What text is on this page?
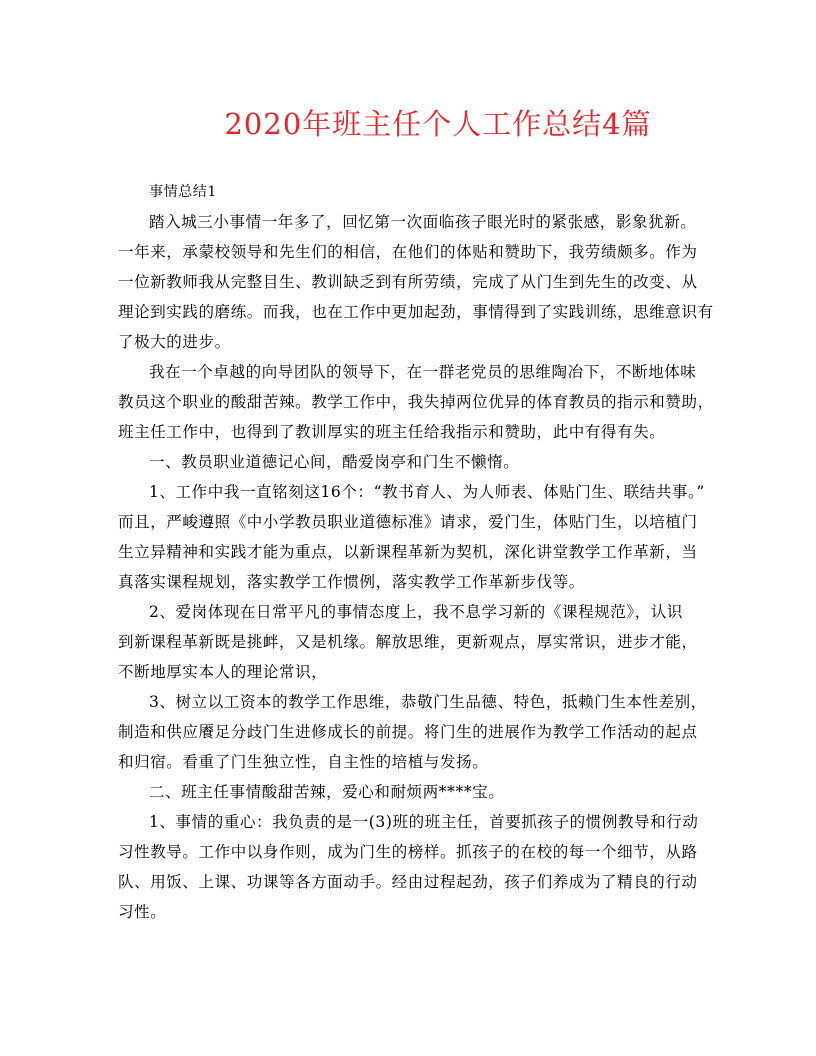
2020年班主任个人工作总结4篇
事情总结1
踏入城三小事情一年多了，回忆第一次面临孩子眼光时的紧张感，影象犹新。
一年来，承蒙校领导和先生们的相信，在他们的体贴和赞助下，我劳绩颇多。作为
一位新教师我从完整目生、教训缺乏到有所劳绩，完成了从门生到先生的改变、从
理论到实践的磨练。而我，也在工作中更加起劲，事情得到了实践训练，思维意识有
了极大的进步。
我在一个卓越的向导团队的领导下，在一群老党员的思维陶冶下，不断地体味
教员这个职业的酸甜苦辣。教学工作中，我失掉两位优异的体育教员的指示和赞助，
班主任工作中，也得到了教训厚实的班主任给我指示和赞助，此中有得有失。
一、教员职业道德记心间，酷爱岗亭和门生不懒惰。
1、工作中我一直铭刻这16个：“教书育人、为人师表、体贴门生、联结共事。”
而且，严峻遵照《中小学教员职业道德标准》请求，爱门生，体贴门生，以培植门
生立异精神和实践才能为重点，以新课程革新为契机，深化讲堂教学工作革新，当
真落实课程规划，落实教学工作惯例，落实教学工作革新步伐等。
2、爱岗体现在日常平凡的事情态度上，我不息学习新的《课程规范》，认识
到新课程革新既是挑衅，又是机缘。解放思维，更新观点，厚实常识，进步才能，
不断地厚实本人的理论常识，
3、树立以工资本的教学工作思维，恭敬门生品德、特色，抵赖门生本性差别，
制造和供应餍足分歧门生进修成长的前提。将门生的进展作为教学工作活动的起点
和归宿。看重了门生独立性，自主性的培植与发扬。
二、班主任事情酸甜苦辣，爱心和耐烦两****宝。
1、事情的重心：我负责的是一(3)班的班主任，首要抓孩子的惯例教导和行动
习性教导。工作中以身作则，成为门生的榜样。抓孩子的在校的每一个细节，从路
队、用饭、上课、功课等各方面动手。经由过程起劲，孩子们养成为了精良的行动
习性。
